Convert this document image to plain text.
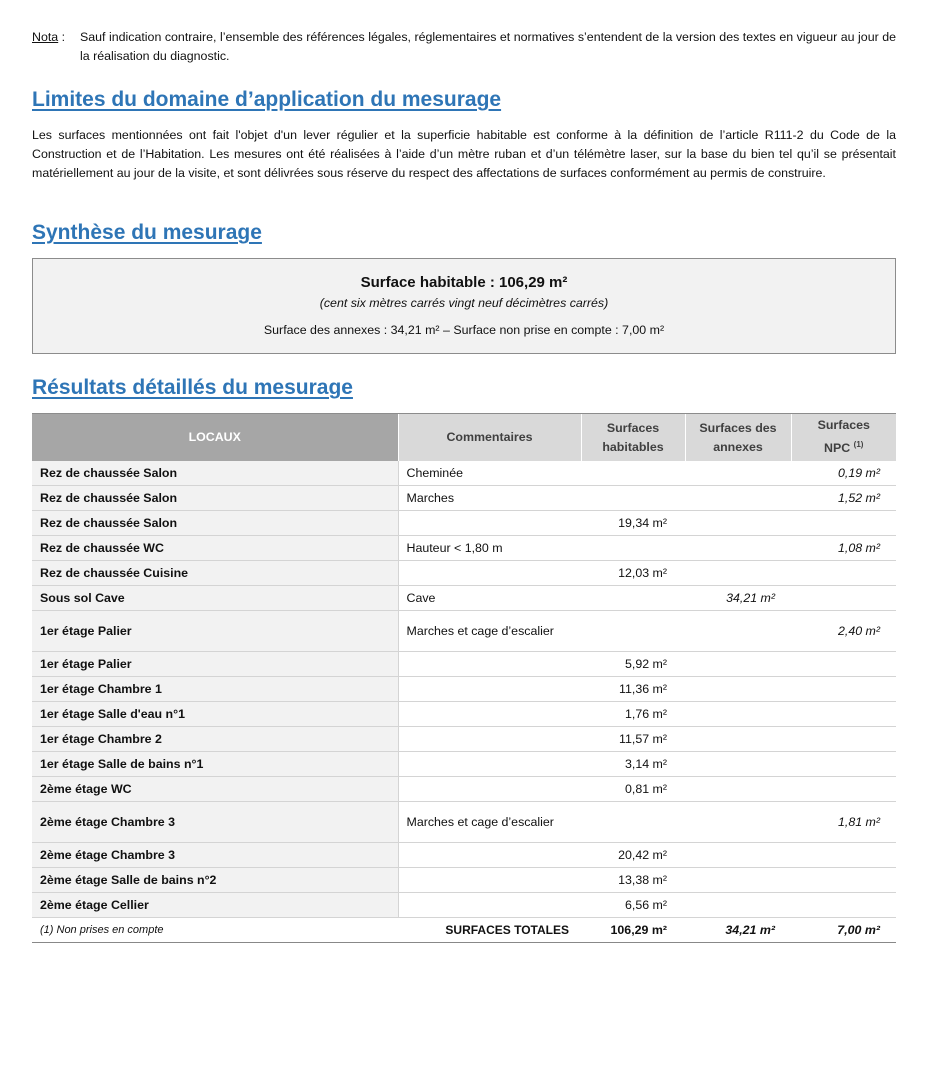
Nota :	Sauf indication contraire, l’ensemble des références légales, réglementaires et normatives s’entendent de la version des textes en vigueur au jour de la réalisation du diagnostic.
Limites du domaine d’application du mesurage
Les surfaces mentionnées ont fait l'objet d'un lever régulier et la superficie habitable est conforme à la définition de l’article R111-2 du Code de la Construction et de l’Habitation. Les mesures ont été réalisées à l’aide d’un mètre ruban et d’un télémètre laser, sur la base du bien tel qu’il se présentait matériellement au jour de la visite, et sont délivrées sous réserve du respect des affectations de surfaces conformément au permis de construire.
Synthèse du mesurage
Surface habitable : 106,29 m²
(cent six mètres carrés vingt neuf décimètres carrés)
Surface des annexes : 34,21 m² – Surface non prise en compte : 7,00 m²
Résultats détaillés du mesurage
LOCAUX	Commentaires	Surfaces
habitables	Surfaces des
annexes	Surfaces
NPC $^{(1)}$
Rez de chaussée Salon	Cheminée			0,19 m²
Rez de chaussée Salon	Marches			1,52 m²
Rez de chaussée Salon		19,34 m²		
Rez de chaussée WC	Hauteur < 1,80 m			1,08 m²
Rez de chaussée Cuisine		12,03 m²		
Sous sol Cave	Cave		34,21 m²	
1er étage Palier	Marches et cage d’escalier			2,40 m²
1er étage Palier		5,92 m²		
1er étage Chambre 1		11,36 m²		
1er étage Salle d'eau n°1		1,76 m²		
1er étage Chambre 2		11,57 m²		
1er étage Salle de bains n°1		3,14 m²		
2ème étage WC		0,81 m²		
2ème étage Chambre 3	Marches et cage d’escalier			1,81 m²
2ème étage Chambre 3		20,42 m²		
2ème étage Salle de bains n°2		13,38 m²		
2ème étage Cellier		6,56 m²		
(1) Non prises en compte	SURFACES TOTALES	106,29 m²	34,21 m²	7,00 m²
